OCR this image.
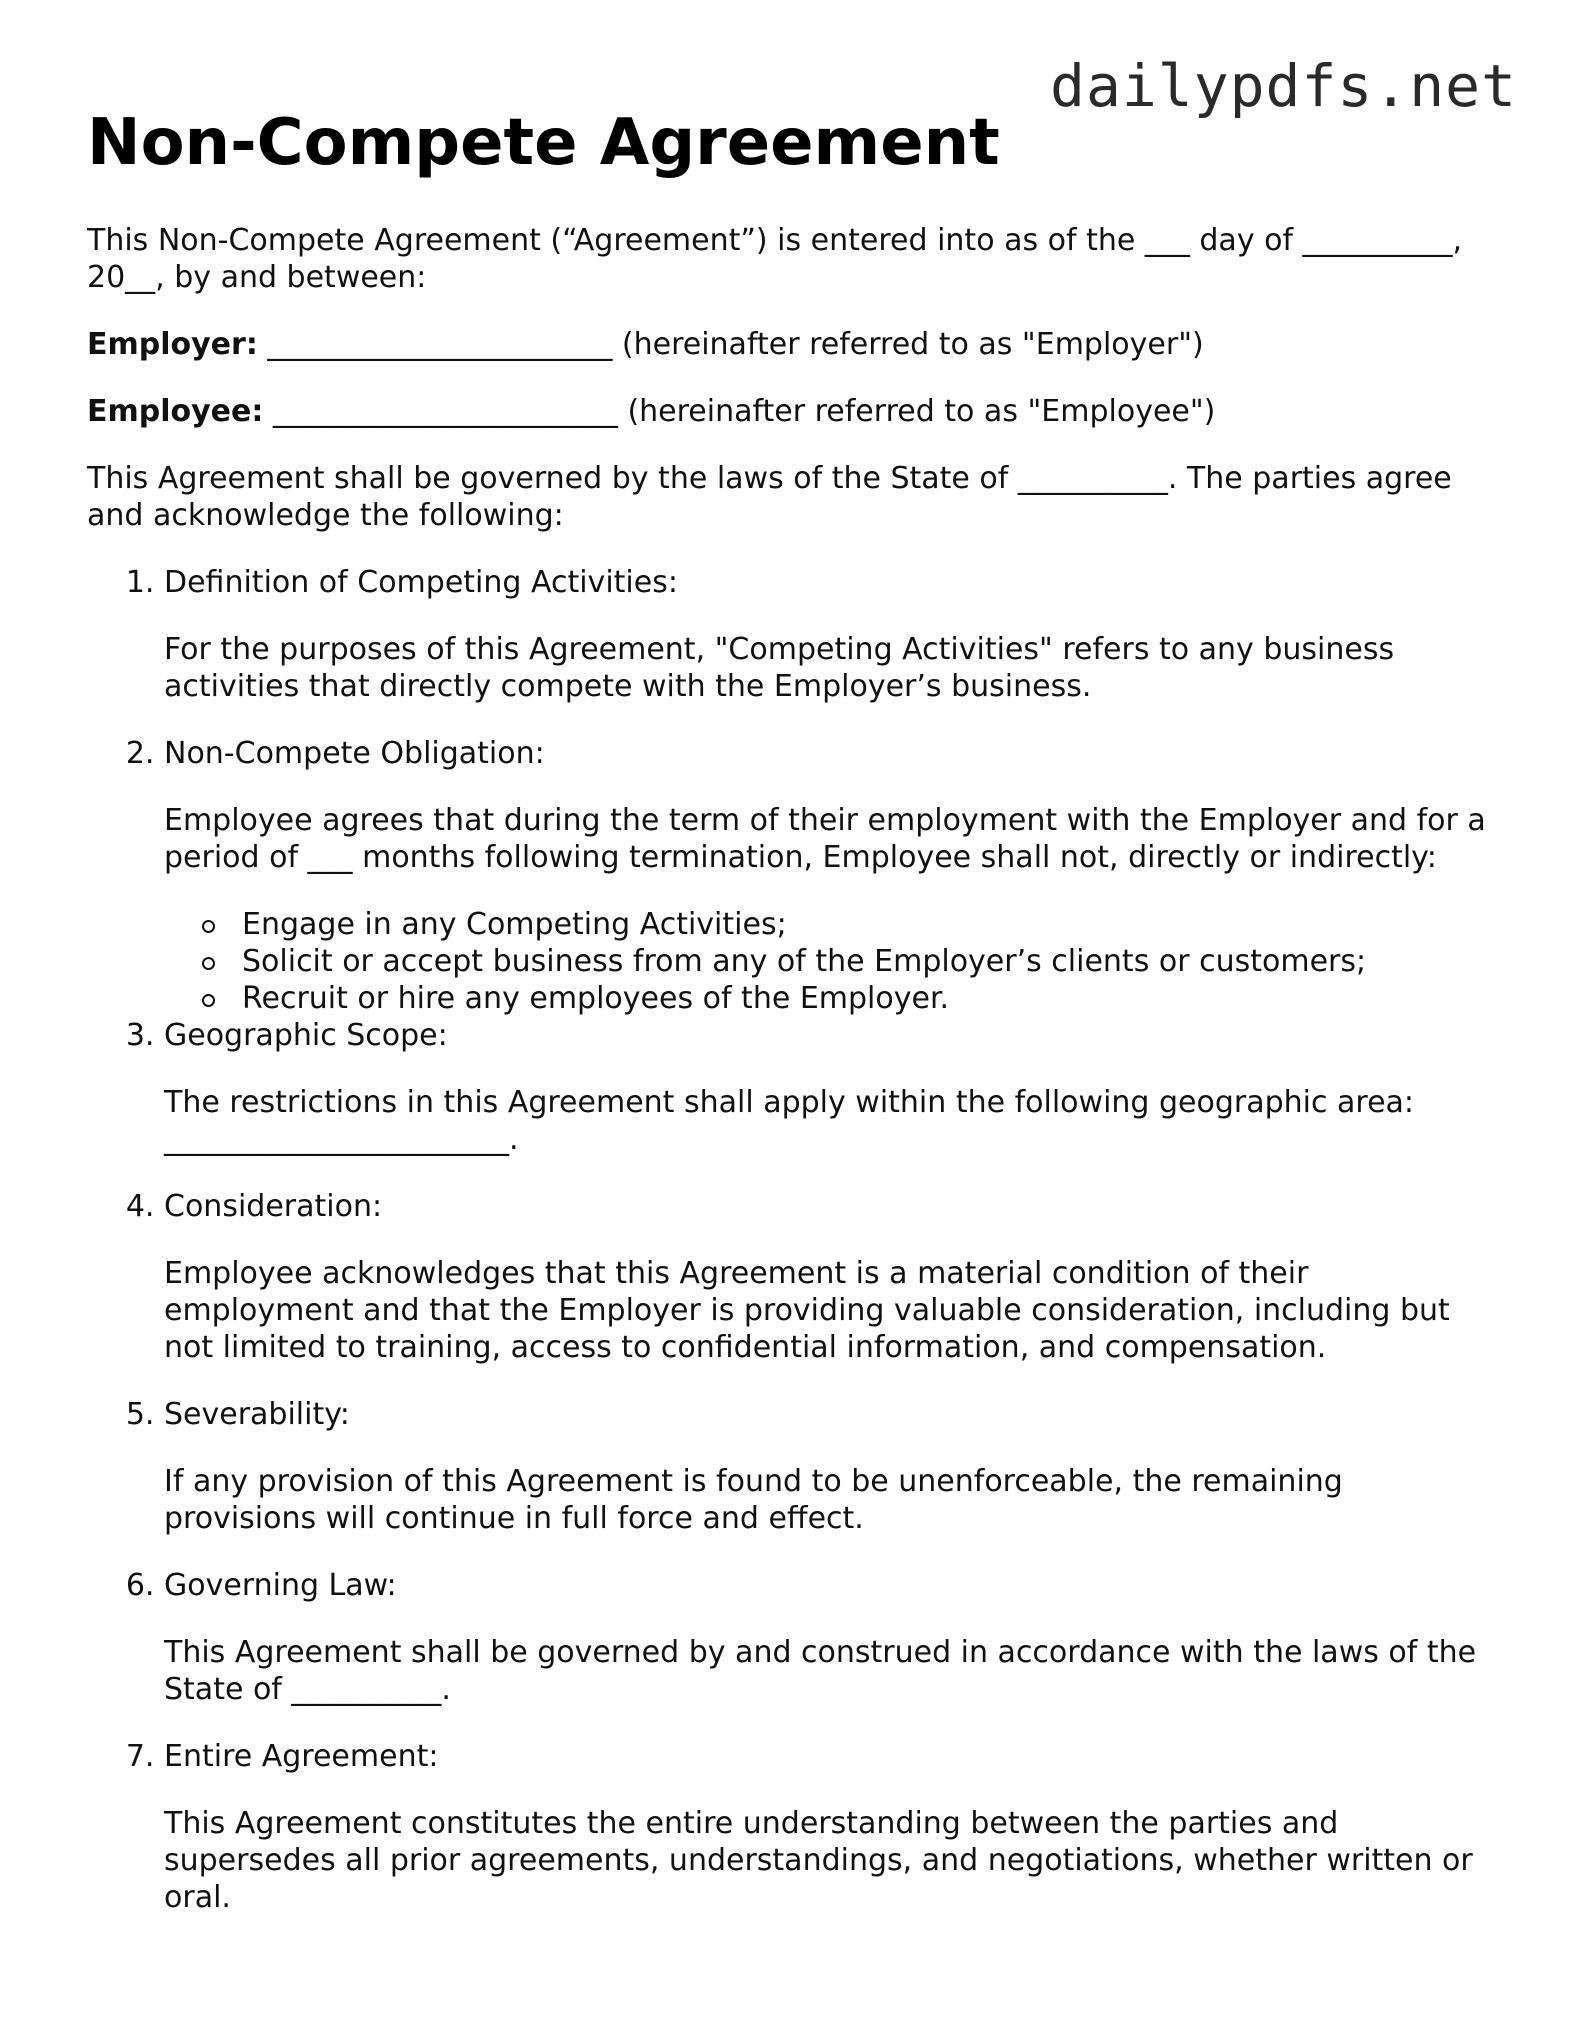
dailypdfs.net
Non-Compete Agreement

This Non-Compete Agreement (“Agreement”) is entered into as of the ___ day of __________, 20__, by and between:

Employer: _______________________ (hereinafter referred to as "Employer")

Employee: _______________________ (hereinafter referred to as "Employee")

This Agreement shall be governed by the laws of the State of __________. The parties agree and acknowledge the following:

1. Definition of Competing Activities:
For the purposes of this Agreement, "Competing Activities" refers to any business activities that directly compete with the Employer’s business.
2. Non-Compete Obligation:
Employee agrees that during the term of their employment with the Employer and for a period of ___ months following termination, Employee shall not, directly or indirectly:
Engage in any Competing Activities;
Solicit or accept business from any of the Employer’s clients or customers;
Recruit or hire any employees of the Employer.
3. Geographic Scope:
The restrictions in this Agreement shall apply within the following geographic area: _______________________.
4. Consideration:
Employee acknowledges that this Agreement is a material condition of their employment and that the Employer is providing valuable consideration, including but not limited to training, access to confidential information, and compensation.
5. Severability:
If any provision of this Agreement is found to be unenforceable, the remaining provisions will continue in full force and effect.
6. Governing Law:
This Agreement shall be governed by and construed in accordance with the laws of the State of __________.
7. Entire Agreement:
This Agreement constitutes the entire understanding between the parties and supersedes all prior agreements, understandings, and negotiations, whether written or oral.
